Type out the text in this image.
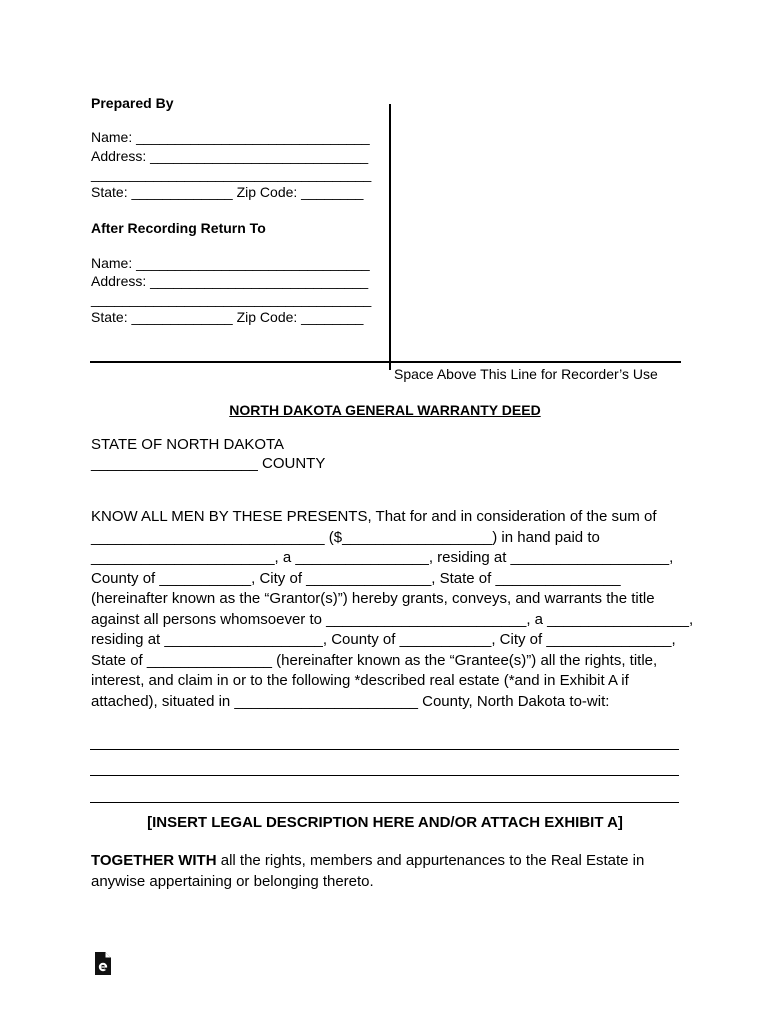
Prepared By
Name: ______________________________
Address: ____________________________
____________________________________
State: _____________ Zip Code: ________
After Recording Return To
Name: ______________________________
Address: ____________________________
____________________________________
State: _____________ Zip Code: ________
Space Above This Line for Recorder’s Use
NORTH DAKOTA GENERAL WARRANTY DEED
STATE OF NORTH DAKOTA
____________________ COUNTY
KNOW ALL MEN BY THESE PRESENTS, That for and in consideration of the sum of
____________________________ ($__________________) in hand paid to
______________________, a ________________, residing at ___________________,
County of ___________, City of _______________, State of _______________
(hereinafter known as the “Grantor(s)”) hereby grants, conveys, and warrants the title
against all persons whomsoever to ________________________, a _________________,
residing at ___________________, County of ___________, City of _______________,
State of _______________ (hereinafter known as the “Grantee(s)”) all the rights, title,
interest, and claim in or to the following *described real estate (*and in Exhibit A if
attached), situated in ______________________ County, North Dakota to-wit:
[INSERT LEGAL DESCRIPTION HERE AND/OR ATTACH EXHIBIT A]
TOGETHER WITH all the rights, members and appurtenances to the Real Estate in
anywise appertaining or belonging thereto.
